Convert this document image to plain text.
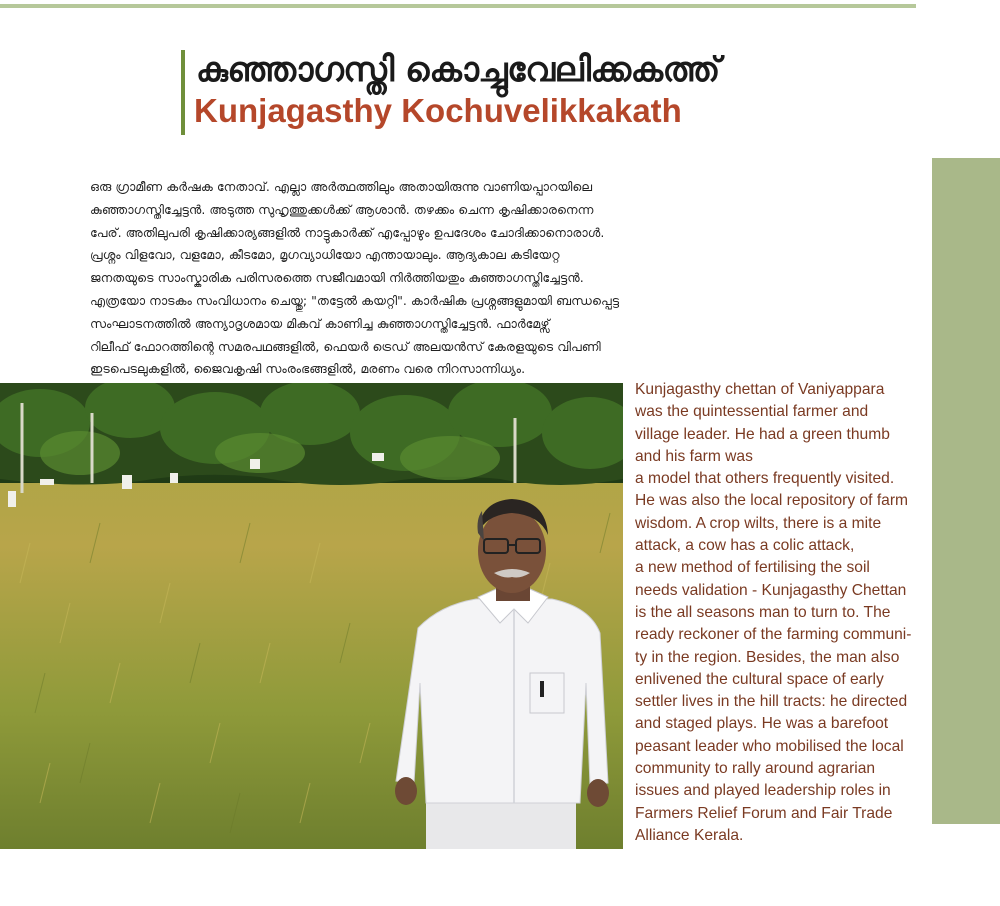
കുഞ്ഞാഗസ്തി കൊച്ചുവേലിക്കകത്ത്
Kunjagasthy Kochuvelikkakath
ഒരു ഗ്രാമീണ കർഷക നേതാവ്. എല്ലാ അർത്ഥത്തിലും അതായിരുന്നു വാണിയപ്പാറയിലെ
കുഞ്ഞാഗസ്തിച്ചേട്ടൻ. അടുത്ത സുഹൃത്തുക്കൾക്ക് ആശാൻ. തഴക്കം ചെന്ന കൃഷിക്കാരനെന്ന
പേര്. അതിലുപരി കൃഷിക്കാര്യങ്ങളിൽ നാട്ടുകാർക്ക് എപ്പോഴും ഉപദേശം ചോദിക്കാനൊരാൾ.
പ്രശ്നം വിളവോ, വളമോ, കീടമോ, മൃഗവ്യാധിയോ എന്തായാലും. ആദ്യകാല കടിയേറ്റ
ജനതയുടെ സാംസ്കാരിക പരിസരത്തെ സജീവമായി നിർത്തിയതും കുഞ്ഞാഗസ്തിച്ചേട്ടൻ.
എത്രയോ നാടകം സംവിധാനം ചെയ്തു; "തട്ടേൽ കയറ്റി". കാർഷിക പ്രശ്നങ്ങളുമായി ബന്ധപ്പെട്ട
സംഘാടനത്തിൽ അന്യാദൃശമായ മികവ് കാണിച്ച കുഞ്ഞാഗസ്തിച്ചേട്ടൻ. ഫാർമേഴ്സ്
റിലീഫ് ഫോറത്തിന്റെ സമരപഥങ്ങളിൽ, ഫെയർ ട്രെഡ് അലയൻസ് കേരളയുടെ വിപണി
ഇടപെടലുകളിൽ, ജൈവകൃഷി സംരംഭങ്ങളിൽ, മരണം വരെ നിറസാന്നിധ്യം.
Kunjagasthy chettan of Vaniyappara
was the quintessential farmer and
village leader. He had a green thumb
and his farm was
a model that others frequently visited.
He was also the local repository of farm
wisdom. A crop wilts, there is a mite
attack, a cow has a colic attack,
a new method of fertilising the soil
needs validation - Kunjagasthy Chettan
is the all seasons man to turn to. The
ready reckoner of the farming communi-
ty in the region. Besides, the man also
enlivened the cultural space of early
settler lives in the hill tracts: he directed
and staged plays. He was a barefoot
peasant leader who mobilised the local
community to rally around agrarian
issues and played leadership roles in
Farmers Relief Forum and Fair Trade
Alliance Kerala.
